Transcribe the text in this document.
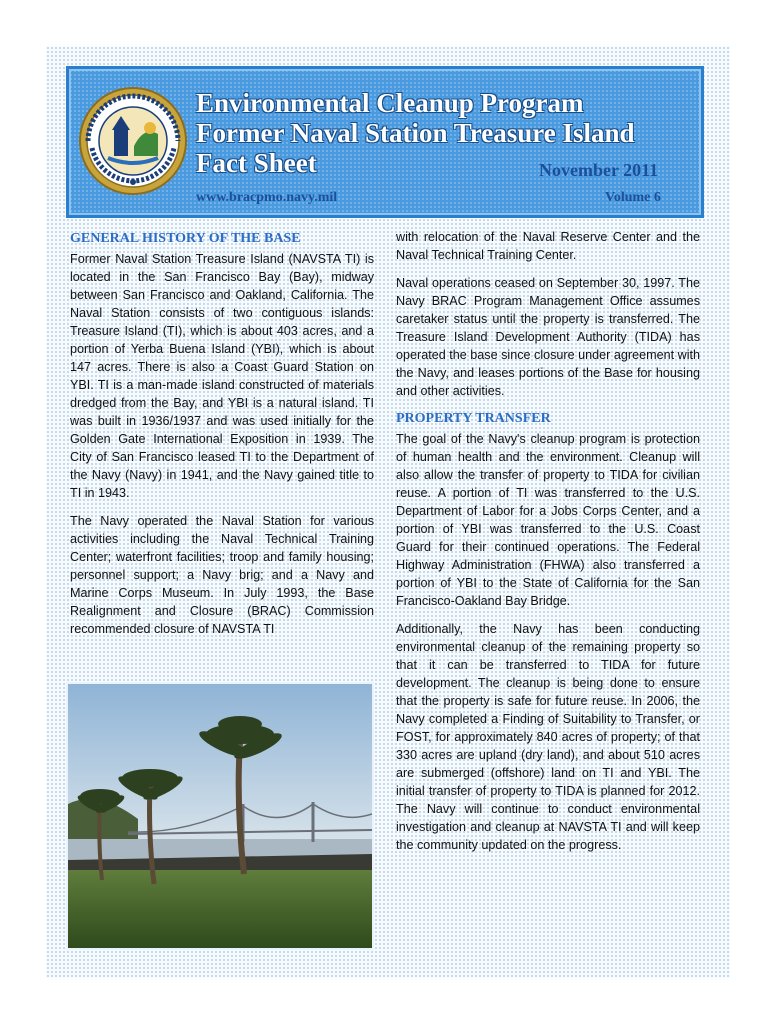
Environmental Cleanup Program
Former Naval Station Treasure Island
Fact Sheet	November 2011
www.bracpmo.navy.mil	Volume 6
GENERAL HISTORY OF THE BASE

Former Naval Station Treasure Island (NAVSTA TI) is located in the San Francisco Bay (Bay), midway between San Francisco and Oakland, California. The Naval Station consists of two contiguous islands: Treasure Island (TI), which is about 403 acres, and a portion of Yerba Buena Island (YBI), which is about 147 acres. There is also a Coast Guard Station on YBI. TI is a man-made island constructed of materials dredged from the Bay, and YBI is a natural island. TI was built in 1936/1937 and was used initially for the Golden Gate International Exposition in 1939. The City of San Francisco leased TI to the Department of the Navy (Navy) in 1941, and the Navy gained title to TI in 1943.

The Navy operated the Naval Station for various activities including the Naval Technical Training Center; waterfront facilities; troop and family housing; personnel support; a Navy brig; and a Navy and Marine Corps Museum. In July 1993, the Base Realignment and Closure (BRAC) Commission recommended closure of NAVSTA TI

with relocation of the Naval Reserve Center and the Naval Technical Training Center.

Naval operations ceased on September 30, 1997. The Navy BRAC Program Management Office assumes caretaker status until the property is transferred. The Treasure Island Development Authority (TIDA) has operated the base since closure under agreement with the Navy, and leases portions of the Base for housing and other activities.

PROPERTY TRANSFER

The goal of the Navy's cleanup program is protection of human health and the environment. Cleanup will also allow the transfer of property to TIDA for civilian reuse. A portion of TI was transferred to the U.S. Department of Labor for a Jobs Corps Center, and a portion of YBI was transferred to the U.S. Coast Guard for their continued operations. The Federal Highway Administration (FHWA) also transferred a portion of YBI to the State of California for the San Francisco-Oakland Bay Bridge.

Additionally, the Navy has been conducting environmental cleanup of the remaining property so that it can be transferred to TIDA for future development. The cleanup is being done to ensure that the property is safe for future reuse. In 2006, the Navy completed a Finding of Suitability to Transfer, or FOST, for approximately 840 acres of property; of that 330 acres are upland (dry land), and about 510 acres are submerged (offshore) land on TI and YBI. The initial transfer of property to TIDA is planned for 2012. The Navy will continue to conduct environmental investigation and cleanup at NAVSTA TI and will keep the community updated on the progress.
